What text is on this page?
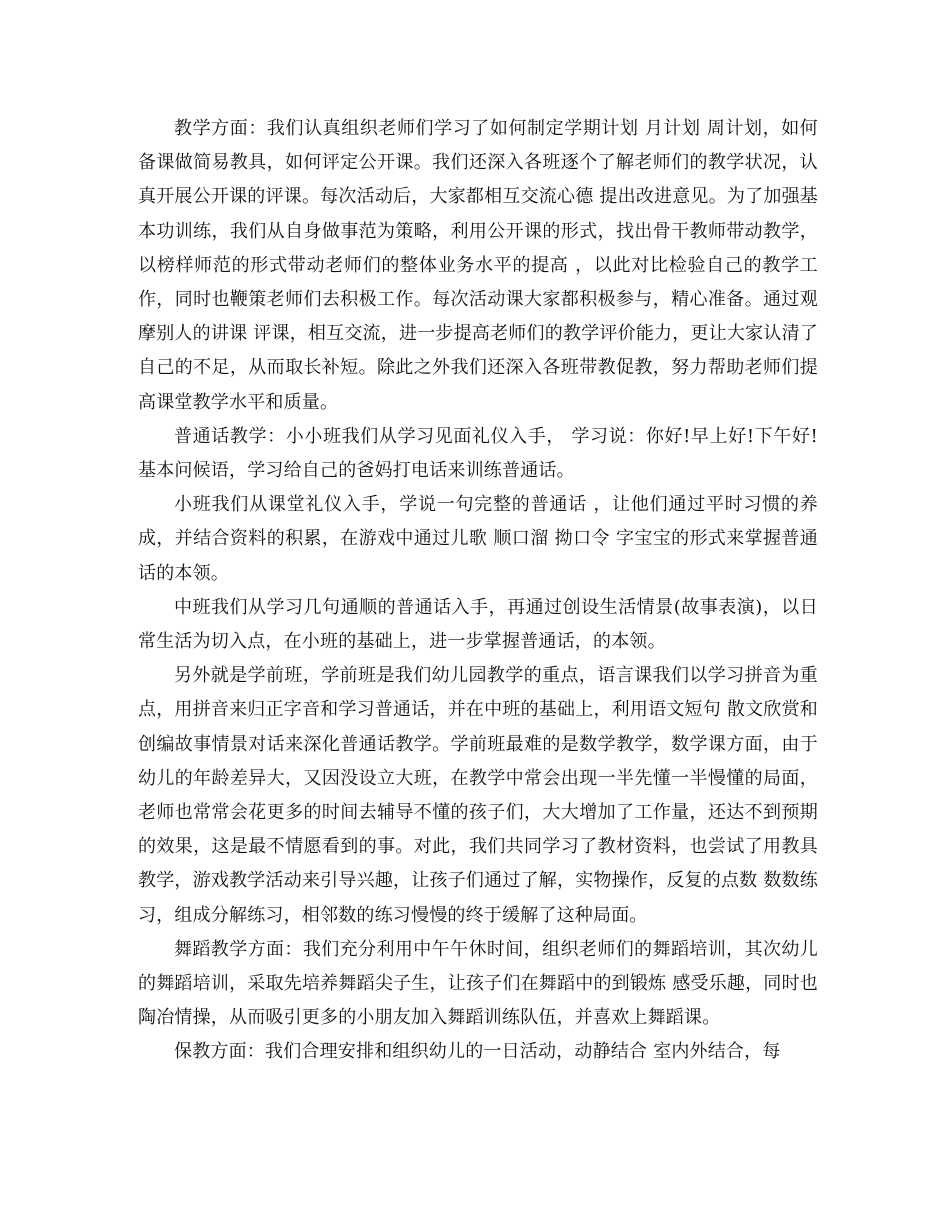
教学方面：我们认真组织老师们学习了如何制定学期计划 月计划 周计划，如何备课做简易教具，如何评定公开课。我们还深入各班逐个了解老师们的教学状况，认真开展公开课的评课。每次活动后，大家都相互交流心德 提出改进意见。为了加强基本功训练，我们从自身做事范为策略，利用公开课的形式，找出骨干教师带动教学，以榜样师范的形式带动老师们的整体业务水平的提高 ，以此对比检验自己的教学工作，同时也鞭策老师们去积极工作。每次活动课大家都积极参与，精心准备。通过观摩别人的讲课 评课，相互交流，进一步提高老师们的教学评价能力，更让大家认清了自己的不足，从而取长补短。除此之外我们还深入各班带教促教，努力帮助老师们提高课堂教学水平和质量。

普通话教学：小小班我们从学习见面礼仪入手， 学习说：你好!早上好!下午好!基本问候语，学习给自己的爸妈打电话来训练普通话。

小班我们从课堂礼仪入手，学说一句完整的普通话 ，让他们通过平时习惯的养成，并结合资料的积累，在游戏中通过儿歌 顺口溜 拗口令 字宝宝的形式来掌握普通话的本领。

中班我们从学习几句通顺的普通话入手，再通过创设生活情景(故事表演)，以日常生活为切入点，在小班的基础上，进一步掌握普通话，的本领。

另外就是学前班，学前班是我们幼儿园教学的重点，语言课我们以学习拼音为重点，用拼音来归正字音和学习普通话，并在中班的基础上，利用语文短句 散文欣赏和创编故事情景对话来深化普通话教学。学前班最难的是数学教学，数学课方面，由于幼儿的年龄差异大，又因没设立大班，在教学中常会出现一半先懂一半慢懂的局面，老师也常常会花更多的时间去辅导不懂的孩子们，大大增加了工作量，还达不到预期的效果，这是最不情愿看到的事。对此，我们共同学习了教材资料，也尝试了用教具教学，游戏教学活动来引导兴趣，让孩子们通过了解，实物操作，反复的点数 数数练习，组成分解练习，相邻数的练习慢慢的终于缓解了这种局面。

舞蹈教学方面：我们充分利用中午午休时间，组织老师们的舞蹈培训，其次幼儿的舞蹈培训，采取先培养舞蹈尖子生，让孩子们在舞蹈中的到锻炼 感受乐趣，同时也陶冶情操，从而吸引更多的小朋友加入舞蹈训练队伍，并喜欢上舞蹈课。

保教方面：我们合理安排和组织幼儿的一日活动，动静结合 室内外结合，每
